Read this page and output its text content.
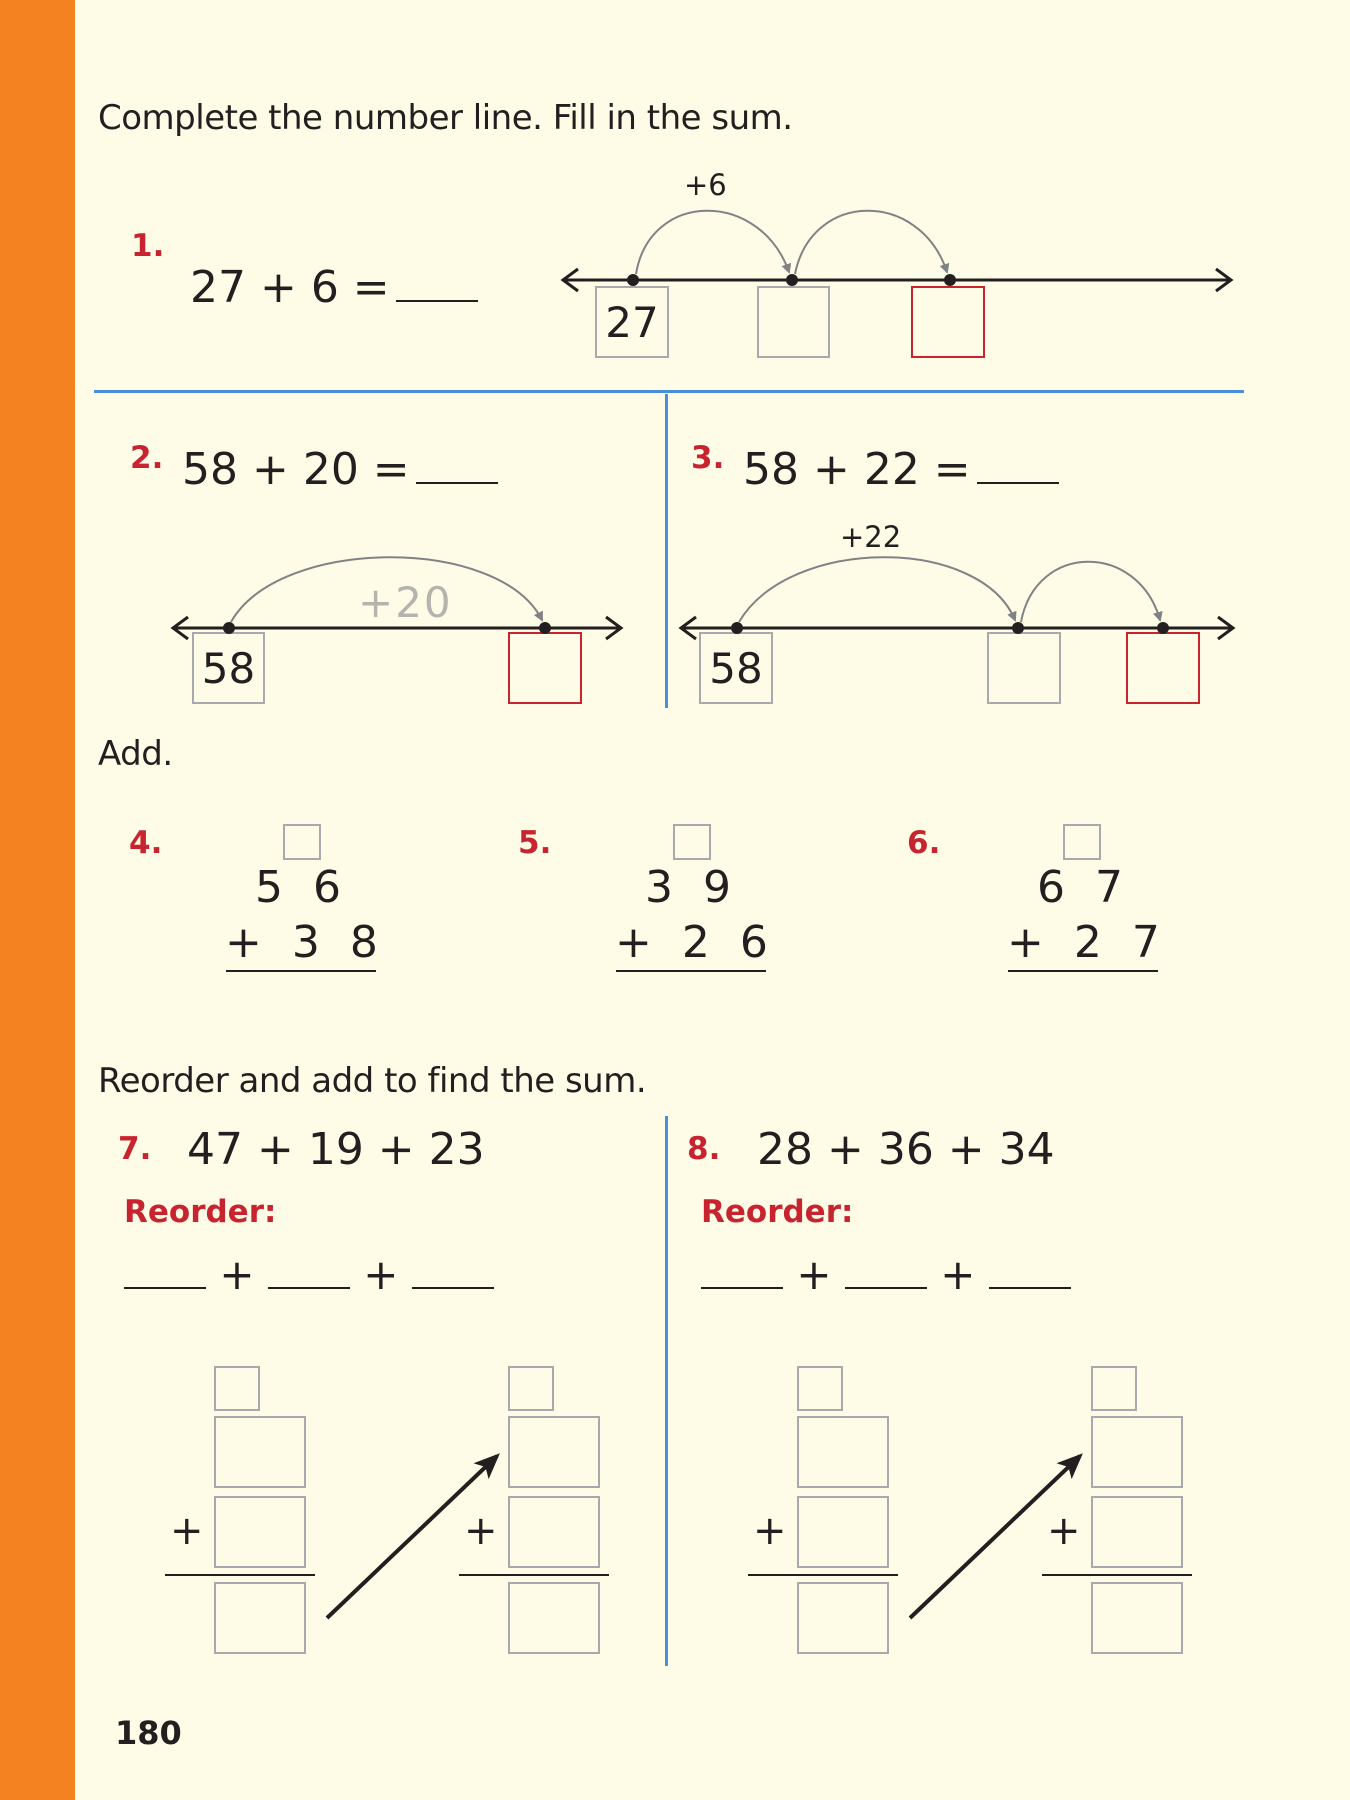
Complete the number line. Fill in the sum.
1.
27 + 6 =
+6
27
2. 58 + 20 =
+20
58
3. 58 + 22 =
+22
58
Add.
4.
5 6
+ 3 8
5.
3 9
+ 2 6
6.
6 7
+ 2 7
Reorder and add to find the sum.
7. 47 + 19 + 23
Reorder:
+	+
+	+
8. 28 + 36 + 34
Reorder:
+	+
+	+
180
